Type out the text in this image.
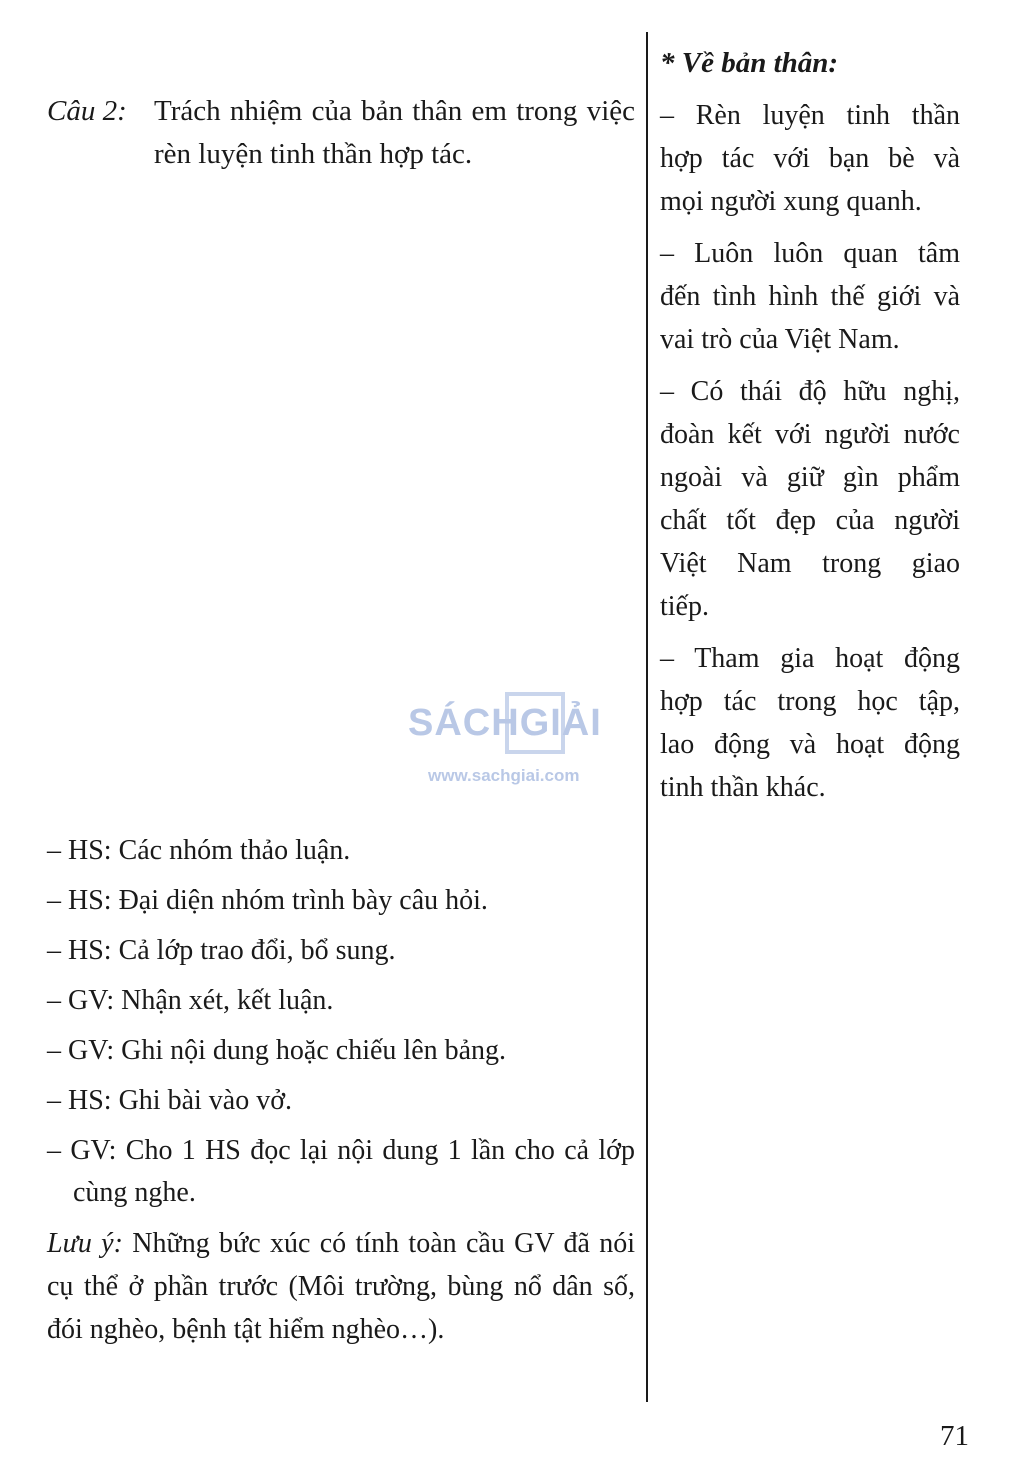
Câu 2: Trách nhiệm của bản thân em trong việc rèn luyện tinh thần hợp tác.
SÁCHGIẢI
www.sachgiai.com
– HS: Các nhóm thảo luận.
– HS: Đại diện nhóm trình bày câu hỏi.
– HS: Cả lớp trao đổi, bổ sung.
– GV: Nhận xét, kết luận.
– GV: Ghi nội dung hoặc chiếu lên bảng.
– HS: Ghi bài vào vở.
– GV: Cho 1 HS đọc lại nội dung 1 lần cho cả lớp cùng nghe.
Lưu ý: Những bức xúc có tính toàn cầu GV đã nói cụ thể ở phần trước (Môi trường, bùng nổ dân số, đói nghèo, bệnh tật hiểm nghèo…).
* Về bản thân:
– Rèn luyện tinh thần
hợp tác với bạn bè và
mọi người xung quanh.
– Luôn luôn quan tâm
đến tình hình thế giới và
vai trò của Việt Nam.
– Có thái độ hữu nghị,
đoàn kết với người nước
ngoài và giữ gìn phẩm
chất tốt đẹp của người
Việt Nam trong giao
tiếp.
– Tham gia hoạt động
hợp tác trong học tập,
lao động và hoạt động
tinh thần khác.
71
